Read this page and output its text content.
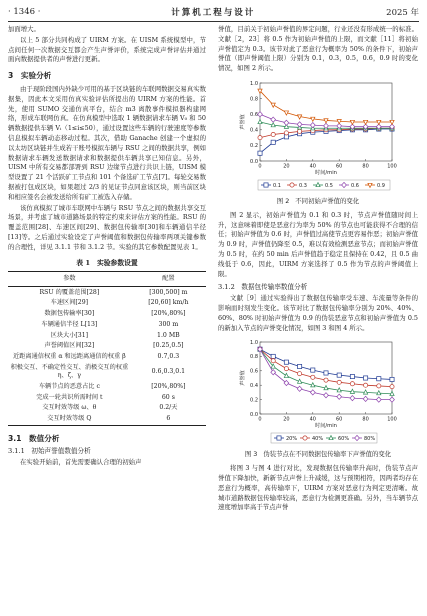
· 1346 ·	计算机工程与设计	2025 年

加面增大。

以上 5 部分共同构成了 UIRM 方案。在 UISM 系统模型中，节点间任何一次数据交互都会产生声誉评价，系统完成声誉评估并通过面向数据提供者的声誉进行更新。

3　实验分析

由于现阶段国内外缺少可用的基于区块链的车联网数据交易真实数据集，因此本文采用仿真实验评估所提出的 UIRM 方案的性能。首先，使用 SUMO 交通仿真平台，结合 m3 离散事件模拟器构建网络，形成车联网仿真。在仿真模型中选取 1 辆数据请求车辆 V₀ 和 50 辆数据提供车辆 Vᵢ（1≤i≤50），通过设置这些车辆的行驶速度等参数信息模拟车辆动态移动过程。其次，借助 Ganache 创建一个虚拟的以太坊区块链并生成若干账号模拟车辆与 RSU 之间的数据共享，例如数据请求车辆发送数据请求和数据提供车辆共享已知信息。另外，UISM 中所有交易都部署到 RSU 边缘节点进行共识上链，UISM 模型设置了 21 个活跃矿工节点和 101 个备选矿工节点[7]。每轮交易数据被打包成区块，如果超过 2/3 的见证节点同意该区块，则当前区块和相应签名会被发送给所有矿工被选入存储。

该仿真模拟了城市车联网中车辆与 RSU 节点之间的数据共享交互场景，并考虑了城市道路场景的特定约束来评估方案的性能。RSU 的覆盖范围[28]、车速区间[29]、数据包传输率[30]和车辆通信半径[13]等。之后通过实验设定了声誉阈值和数据包传输率两项关键参数的合理性，详见 3.1.1 节和 3.1.2 节。实验的其它参数配置见表 1。

表 1　实验参数设置
参数	配置
RSU 的覆盖范围[28]	[300,500] m
车速区间[29]	[20,60] km/h
数据包传输率[30]	[20%,80%]
车辆通信半径 L[13]	300 m
区块大小[31]	1.0 MB
声誉阈值区间[32]	[0.25,0.5]
近距离通信权重 α 和远距离通信的权重 β	0.7,0.3
积极交互、不确定性交互、消极交互的权重 η、ζ、γ	0.6,0.3,0.1
车辆节点的恶意占比 c	[20%,80%]
完成一轮共识所需时间 t	60 s
交互时效等级 ω、θ	0.2/天
交互时效等级 Q	6
3.1　数值分析
3.1.1　初始声誉值数值分析

在实验开始前，首先需要确认合理的初始声

誉值，目前关于初始声誉值的界定问题，行业还没有形成统一的标准。文献［2，23］将 0.5 作为初始声誉值的上限，而文献［11］将初始声誉值定为 0.3。该节对此了恶意行为概率为 50% 的条件下，初始声誉值（即声誉阈值上限）分别为 0.1，0.3，0.5，0.6，0.9 时的变化情况，如图 2 所示。

0.0
0.2
0.4
0.6
0.8
1.0
0	20	40	60	80	100
时间/min
声誉值
0.1	0.3	0.5	0.6	0.9
图 2 不同初始声誉值的变化

图 2 显示，初始声誉值为 0.1 和 0.3 时，节点声誉值随时间上升，这意味着即使是恶意行为率为 50% 的节点也可能获得不合理的信任；初始声誉值为 0.6 时，声誉值过高使节点更容易作恶；初始声誉值为 0.9 时，声誉值仍降至 0.5，难以有效检测恶意节点；而初始声誉值为 0.5 时，在约 50 min 后声誉值趋于稳定且保持在 0.42，且 0.5 曲线低于 0.6，因此，UIRM 方案选择了 0.5 作为节点的声誉阈值上限。

3.1.2　数据包传输率数值分析

文献［9］通过实验得出了数据包传输率受车速、车流量等条件的影响而时刻发生变化。该节对比了数据包传输率分别为 20%、40%、60%、80% 时初始声誉值为 0.9 的伪装恶意节点和初始声誉值为 0.5 的新加入节点的声誉变化情况，如图 3 和图 4 所示。

0.0
0.2
0.4
0.6
0.8
1.0
0	20	40	60	80	100
时间/min
声誉值
20%	40%	60%	80%
图 3 伪装节点在不同数据包传输率下声誉值的变化

将图 3 与图 4 进行对比，发现数据包传输率升高时，伪装节点声誉值下降加快，新新节点声誉上升减缓，这与预期相符，因两者均存在恶意行为概率，高传输率下，UIRM 方案对恶意行为判定更清晰。故城市道路数据包传输率较高，恶意行为检测更准确。另外，当车辆节点速度增加率高于节点声誉
